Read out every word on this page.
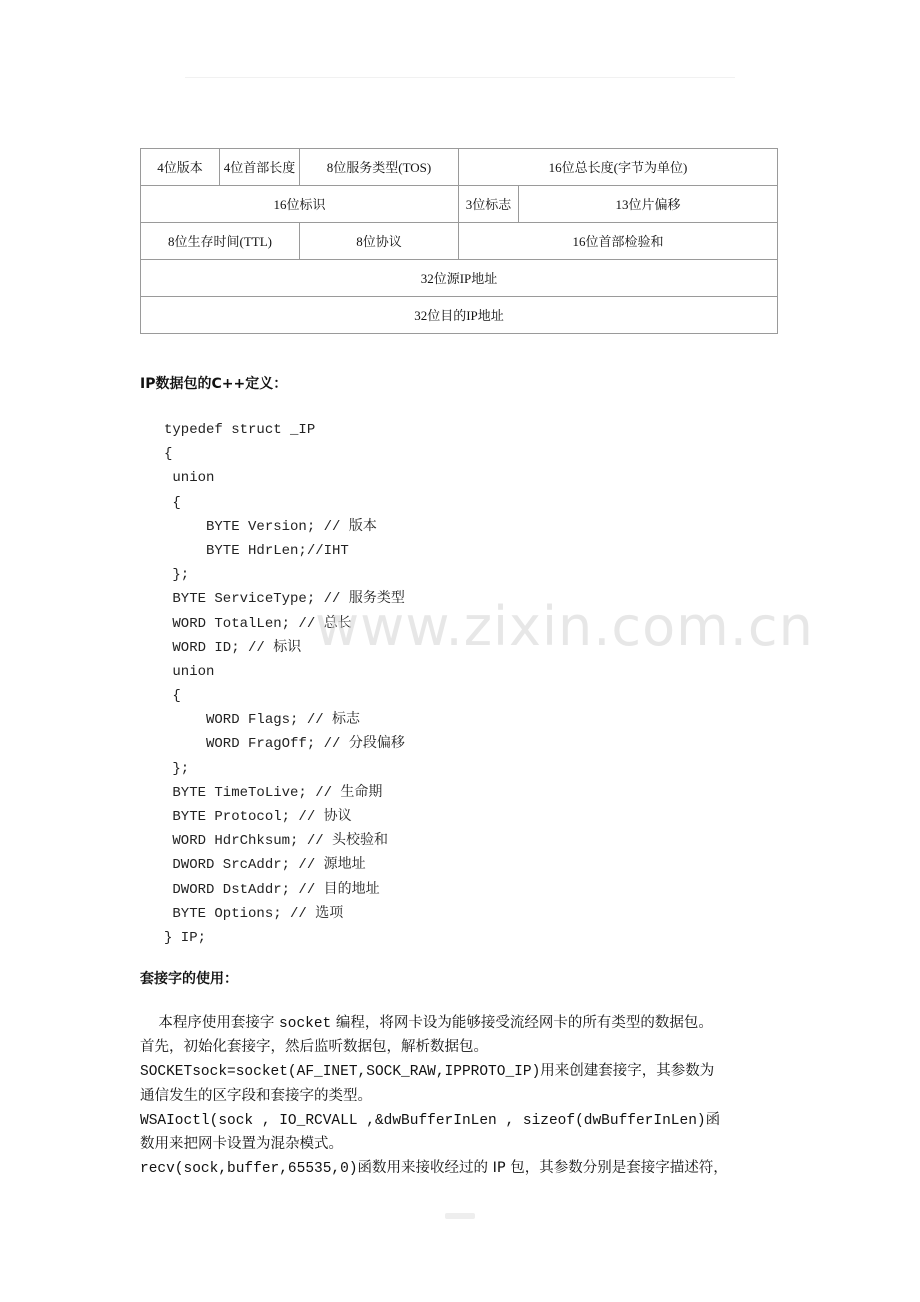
4位版本	4位首部长度	8位服务类型(TOS)	16位总长度(字节为单位)	
16位标识			3位标志	13位片偏移
8位生存时间(TTL)		8位协议	16位首部检验和	
32位源IP地址				
32位目的IP地址				
IP数据包的C++定义：
typedef struct _IP
{
union
{
BYTE Version; // 版本
BYTE HdrLen;//IHT
};
BYTE ServiceType; // 服务类型
WORD TotalLen; // 总长
WORD ID; // 标识
union
{
WORD Flags; // 标志
WORD FragOff; // 分段偏移
};
BYTE TimeToLive; // 生命期
BYTE Protocol; // 协议
WORD HdrChksum; // 头校验和
DWORD SrcAddr; // 源地址
DWORD DstAddr; // 目的地址
BYTE Options; // 选项
} IP;
www.zixin.com.cn
套接字的使用：
本程序使用套接字 socket 编程，将网卡设为能够接受流经网卡的所有类型的数据包。
首先，初始化套接字，然后监听数据包，解析数据包。
SOCKETsock=socket(AF_INET,SOCK_RAW,IPPROTO_IP)用来创建套接字，其参数为
通信发生的区字段和套接字的类型。
WSAIoctl(sock , IO_RCVALL ,&dwBufferInLen , sizeof(dwBufferInLen)函
数用来把网卡设置为混杂模式。
recv(sock,buffer,65535,0)函数用来接收经过的 IP 包，其参数分别是套接字描述符，
